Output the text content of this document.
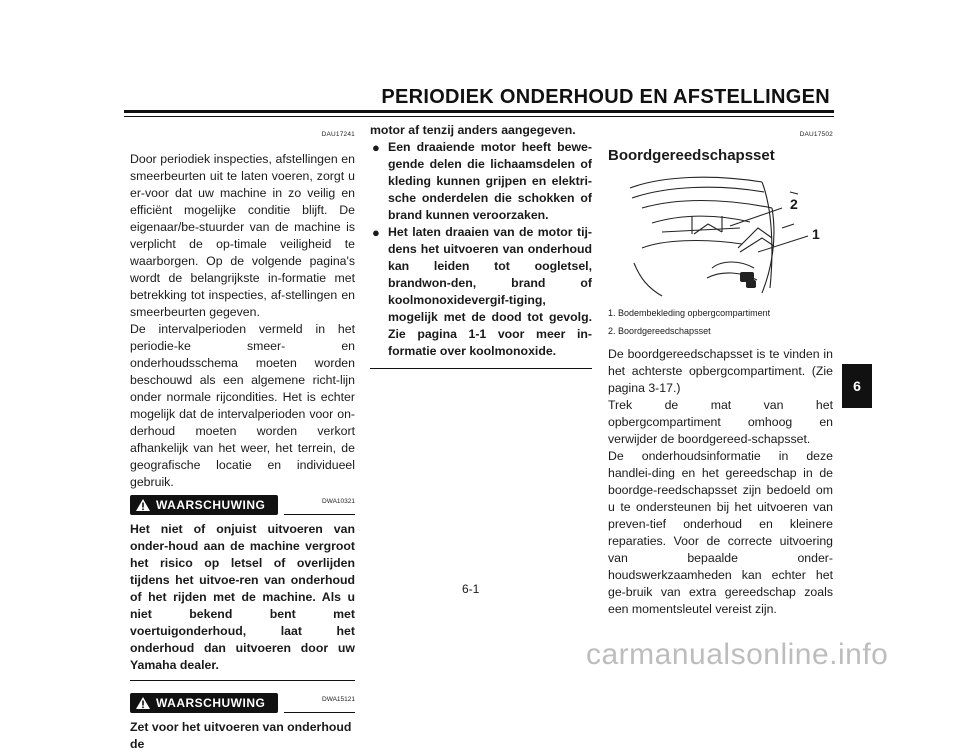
PERIODIEK ONDERHOUD EN AFSTELLINGEN
DAU17241

Door periodiek inspecties, afstellingen en smeerbeurten uit te laten voeren, zorgt u er-voor dat uw machine in zo veilig en efficiënt mogelijke conditie blijft. De eigenaar/be-stuurder van de machine is verplicht de op-timale veiligheid te waarborgen. Op de volgende pagina's wordt de belangrijkste in-formatie met betrekking tot inspecties, af-stellingen en smeerbeurten gegeven.

De intervalperioden vermeld in het periodie-ke smeer- en onderhoudsschema moeten worden beschouwd als een algemene richt-lijn onder normale rijcondities. Het is echter mogelijk dat de intervalperioden voor on-derhoud moeten worden verkort afhankelijk van het weer, het terrein, de geografische locatie en individueel gebruik.

WAARSCHUWING	DWA10321

Het niet of onjuist uitvoeren van onder-houd aan de machine vergroot het risico op letsel of overlijden tijdens het uitvoe-ren van onderhoud of het rijden met de machine. Als u niet bekend bent met voertuigonderhoud, laat het onderhoud dan uitvoeren door uw Yamaha dealer.

WAARSCHUWING	DWA15121

Zet voor het uitvoeren van onderhoud de

motor af tenzij anders aangegeven.

● Een draaiende motor heeft bewe-gende delen die lichaamsdelen of kleding kunnen grijpen en elektri-sche onderdelen die schokken of brand kunnen veroorzaken.
● Het laten draaien van de motor tij-dens het uitvoeren van onderhoud kan leiden tot oogletsel, brandwon-den, brand of koolmonoxidevergif-tiging, mogelijk met de dood tot gevolg. Zie pagina 1-1 voor meer in-formatie over koolmonoxide.
DAU17502
Boordgereedschapsset
2
1
1. Bodembekleding opbergcompartiment
2. Boordgereedschapsset

De boordgereedschapsset is te vinden in het achterste opbergcompartiment. (Zie pagina 3-17.)

Trek de mat van het opbergcompartiment omhoog en verwijder de boordgereed-schapsset.

De onderhoudsinformatie in deze handlei-ding en het gereedschap in de boordge-reedschapsset zijn bedoeld om u te ondersteunen bij het uitvoeren van preven-tief onderhoud en kleinere reparaties. Voor de correcte uitvoering van bepaalde onder-houdswerkzaamheden kan echter het ge-bruik van extra gereedschap zoals een momentsleutel vereist zijn.

6-1
6
carmanualsonline.info
